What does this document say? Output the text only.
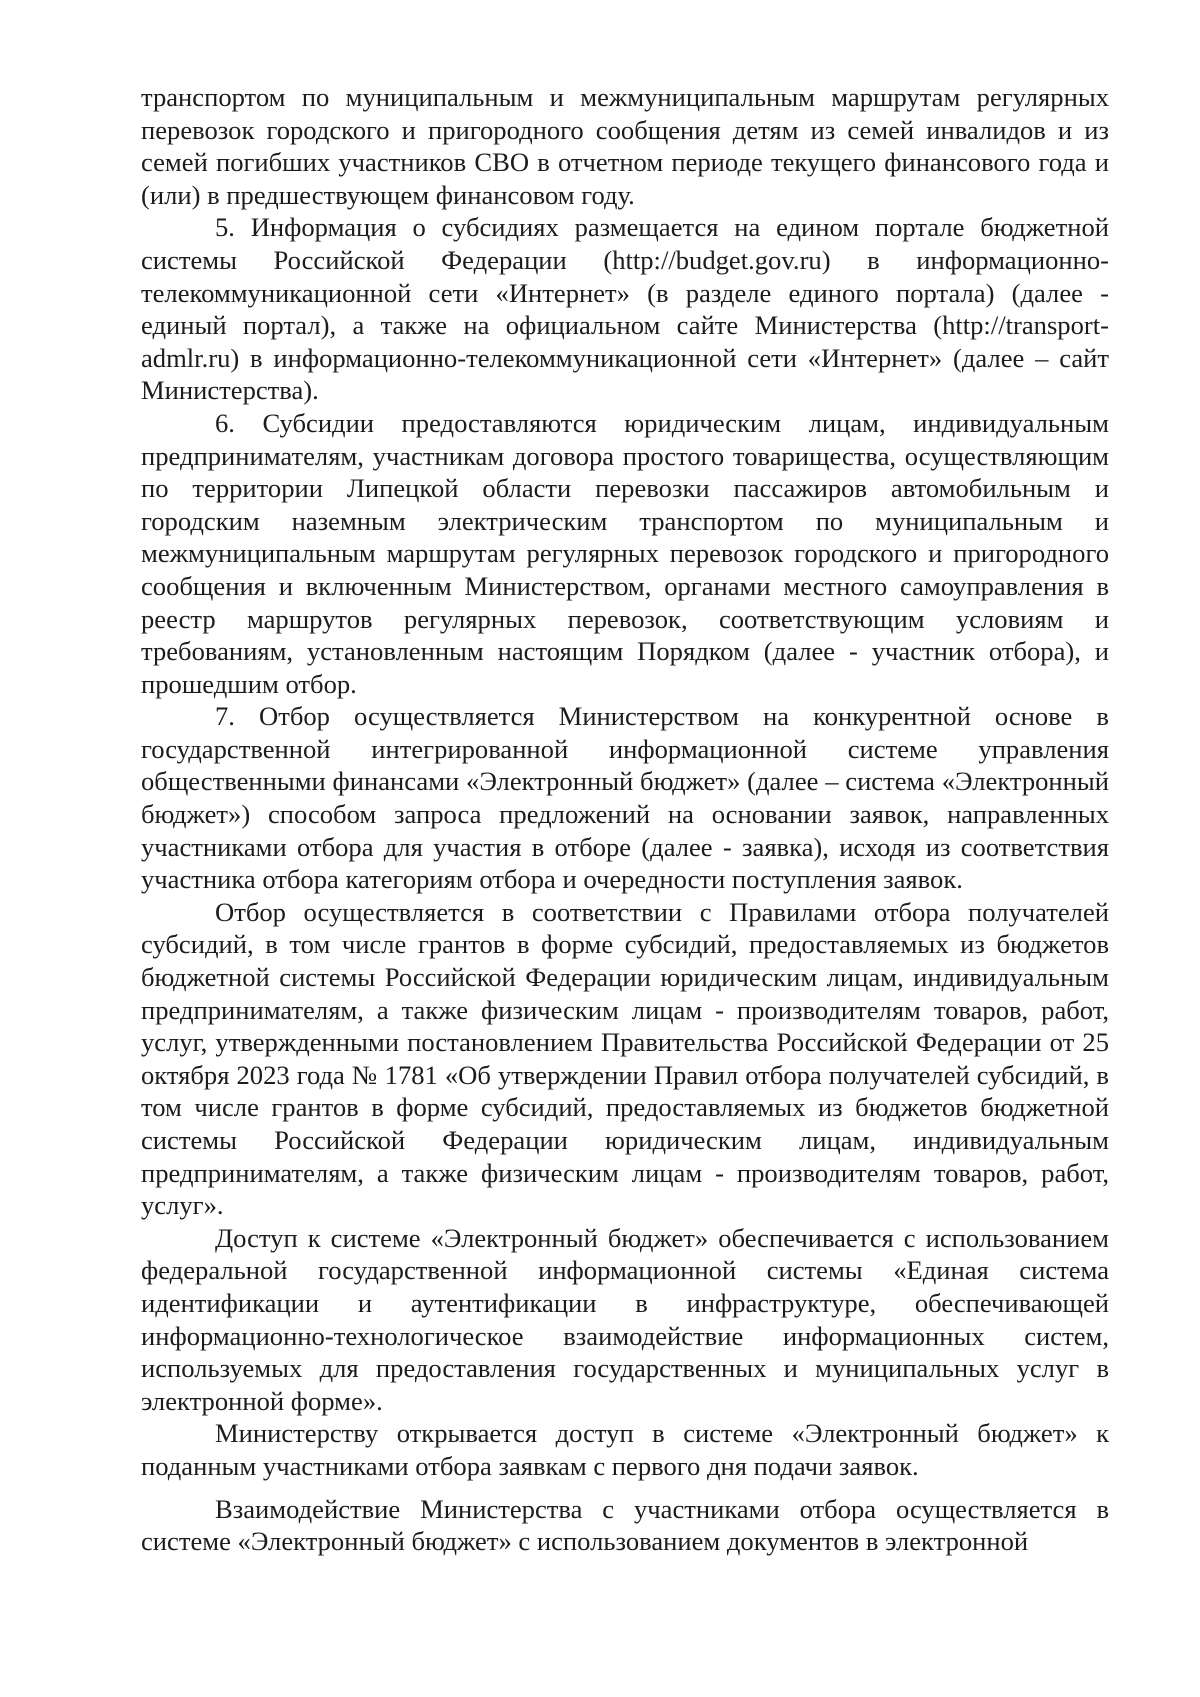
транспортом по муниципальным и межмуниципальным маршрутам регулярных перевозок городского и пригородного сообщения детям из семей инвалидов и из семей погибших участников СВО в отчетном периоде текущего финансового года и (или) в предшествующем финансовом году.

5. Информация о субсидиях размещается на едином портале бюджетной системы Российской Федерации (http://budget.gov.ru) в информационно-телекоммуникационной сети «Интернет» (в разделе единого портала) (далее - единый портал), а также на официальном сайте Министерства (http://transport-admlr.ru) в информационно-телекоммуникационной сети «Интернет» (далее – сайт Министерства).

6. Субсидии предоставляются юридическим лицам, индивидуальным предпринимателям, участникам договора простого товарищества, осуществляющим по территории Липецкой области перевозки пассажиров автомобильным и городским наземным электрическим транспортом по муниципальным и межмуниципальным маршрутам регулярных перевозок городского и пригородного сообщения и включенным Министерством, органами местного самоуправления в реестр маршрутов регулярных перевозок, соответствующим условиям и требованиям, установленным настоящим Порядком (далее - участник отбора), и прошедшим отбор.

7. Отбор осуществляется Министерством на конкурентной основе в государственной интегрированной информационной системе управления общественными финансами «Электронный бюджет» (далее – система «Электронный бюджет») способом запроса предложений на основании заявок, направленных участниками отбора для участия в отборе (далее - заявка), исходя из соответствия участника отбора категориям отбора и очередности поступления заявок.

Отбор осуществляется в соответствии с Правилами отбора получателей субсидий, в том числе грантов в форме субсидий, предоставляемых из бюджетов бюджетной системы Российской Федерации юридическим лицам, индивидуальным предпринимателям, а также физическим лицам - производителям товаров, работ, услуг, утвержденными постановлением Правительства Российской Федерации от 25 октября 2023 года № 1781 «Об утверждении Правил отбора получателей субсидий, в том числе грантов в форме субсидий, предоставляемых из бюджетов бюджетной системы Российской Федерации юридическим лицам, индивидуальным предпринимателям, а также физическим лицам - производителям товаров, работ, услуг».

Доступ к системе «Электронный бюджет» обеспечивается с использованием федеральной государственной информационной системы «Единая система идентификации и аутентификации в инфраструктуре, обеспечивающей информационно-технологическое взаимодействие информационных систем, используемых для предоставления государственных и муниципальных услуг в электронной форме».

Министерству открывается доступ в системе «Электронный бюджет» к поданным участниками отбора заявкам с первого дня подачи заявок.

Взаимодействие Министерства с участниками отбора осуществляется в системе «Электронный бюджет» с использованием документов в электронной
